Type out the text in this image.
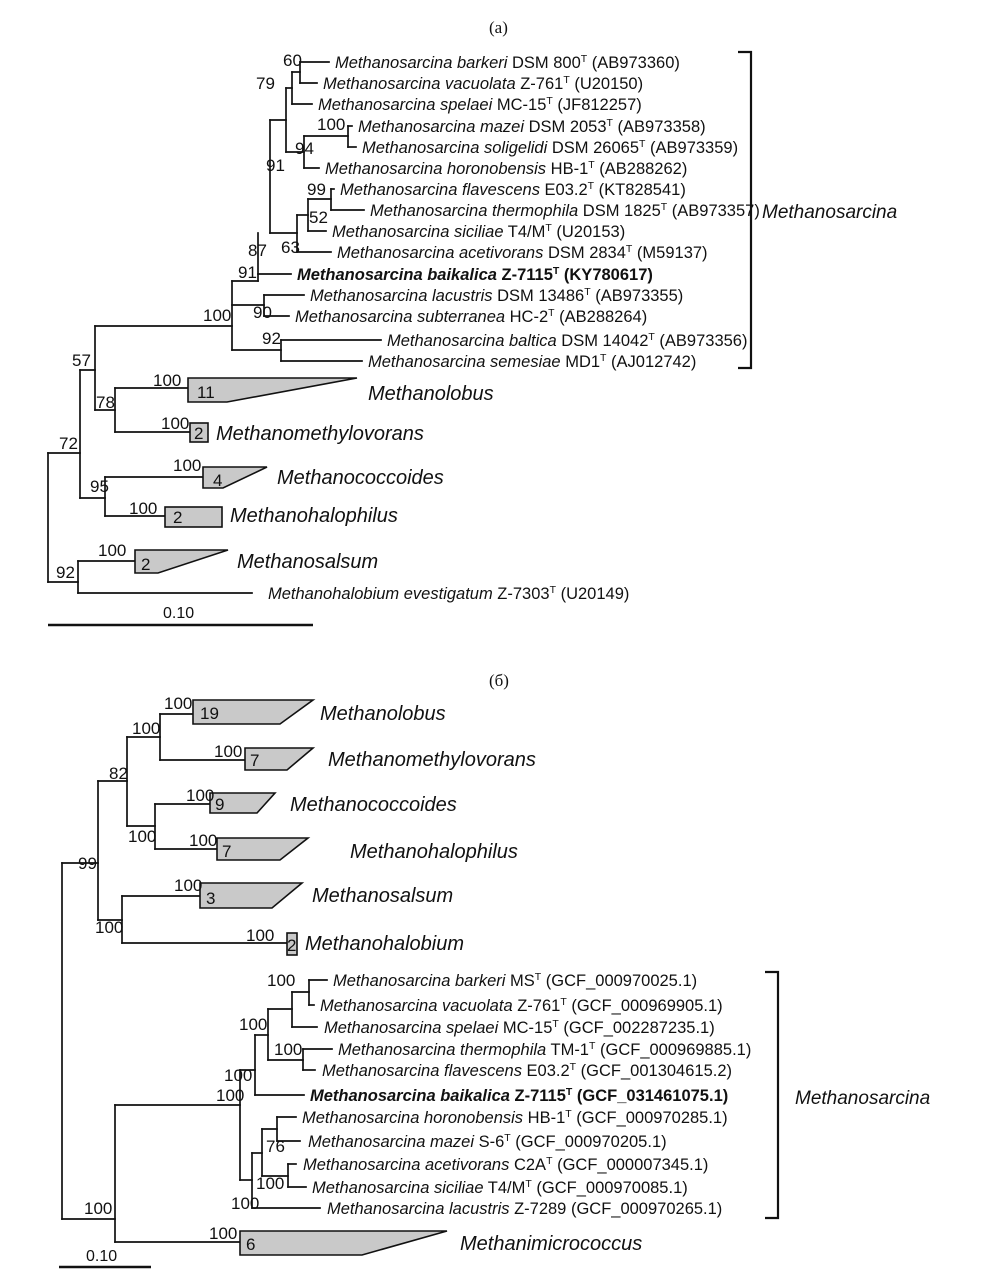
(a)
11	Methanolobus
2 Methanomethylovorans
4	Methanococcoides
2 Methanohalophilus
2	Methanosalsum
Methanosarcina barkeri DSM $800^T$ (AB973360)
Methanosarcina vacuolata $Z-761^T$ (U20150)
Methanosarcina spelaei $MC-15^T$ (JF812257)
Methanosarcina mazei DSM $2053^T$ (AB973358)
Methanosarcina soligelidi DSM $26065^T$ (AB973359)
Methanosarcina horonobensis $HB-1^T$ (AB288262)
Methanosarcina flavescens $E03.2^T$ (KT828541)
Methanosarcina thermophila DSM $1825^T$ (AB973357)
Methanosarcina siciliae $T4/M^T$ (U20153)
Methanosarcina acetivorans DSM $2834^T$ (M59137)
Methanosarcina baikalica $Z-7115^T$ (KY780617)
Methanosarcina lacustris DSM $13486^T$ (AB973355)
Methanosarcina subterranea $HC-2^T$ (AB288264)
Methanosarcina baltica DSM $14042^T$ (AB973356)
Methanosarcina semesiae $MD1^T$ (AJ012742)
Methanohalobium evestigatum $Z-7303^T$ (U20149)
60
79
100
94
91
99
52
63
87
91
100 90
92
57
100
78
100
72
100
95
100
100
92
Methanosarcina
0.10
(б)
19	Methanolobus
7	Methanomethylovorans
9	Methanococcoides
7	Methanohalophilus
3	Methanosalsum
2 Methanohalobium
6	Methanimicrococcus
Methanosarcina barkeri $MS^T$ (GCF_000970025.1)
Methanosarcina vacuolata $Z-761^T$ (GCF_000969905.1)
Methanosarcina spelaei $MC-15^T$ (GCF_002287235.1)
Methanosarcina thermophila $TM-1^T$ (GCF_000969885.1)
Methanosarcina flavescens $E03.2^T$ (GCF_001304615.2)
Methanosarcina baikalica $Z-7115^T$ (GCF_031461075.1)
Methanosarcina horonobensis $HB-1^T$ (GCF_000970285.1)
Methanosarcina mazei $S-6^T$ (GCF_000970205.1)
Methanosarcina acetivorans $C2A^T$ (GCF_000007345.1)
Methanosarcina siciliae $T4/M^T$ (GCF_000970085.1)
Methanosarcina lacustris Z-7289 (GCF_000970265.1)
100
100
100
82
100
100 100
99
100
100	100
100
100
100
100
100
76
100
100
100
100
Methanosarcina
0.10
